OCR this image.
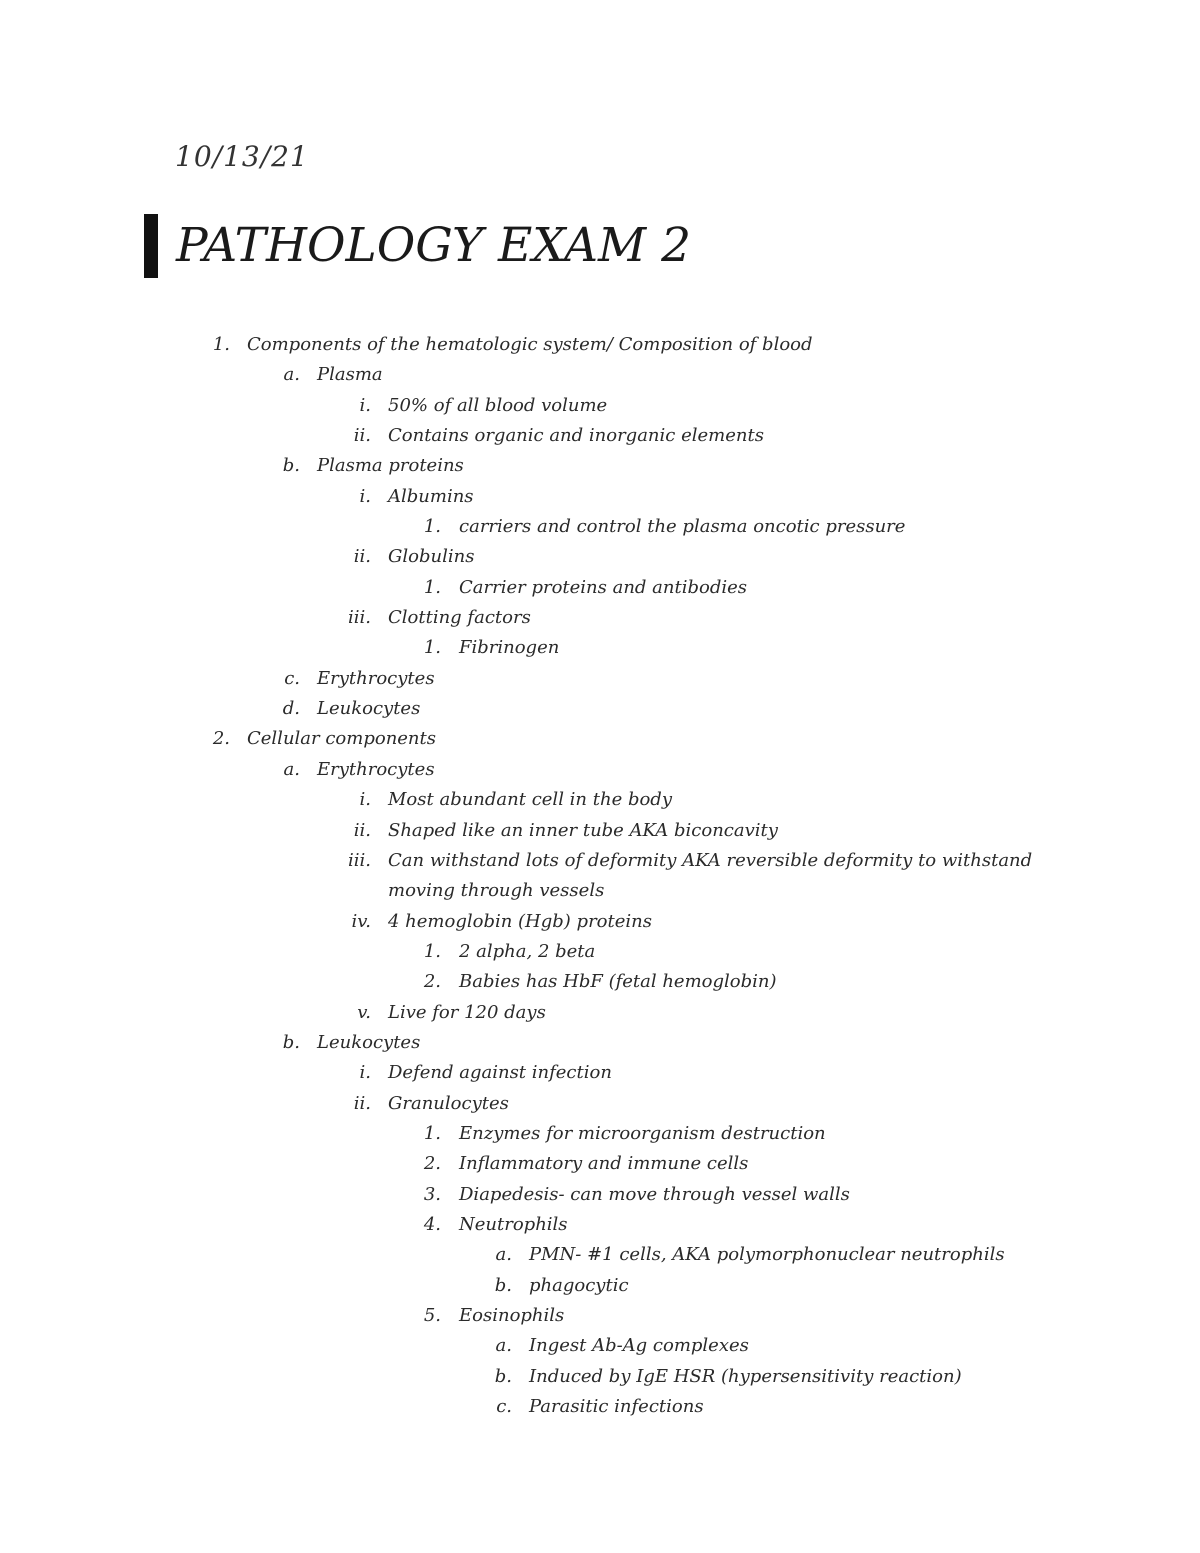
10/13/21
PATHOLOGY EXAM 2
1. Components of the hematologic system/ Composition of blood
a. Plasma
i. 50% of all blood volume
ii. Contains organic and inorganic elements
b. Plasma proteins
i. Albumins
1. carriers and control the plasma oncotic pressure
ii. Globulins
1. Carrier proteins and antibodies
iii. Clotting factors
1. Fibrinogen
c. Erythrocytes
d. Leukocytes
2. Cellular components
a. Erythrocytes
i. Most abundant cell in the body
ii. Shaped like an inner tube AKA biconcavity
iii. Can withstand lots of deformity AKA reversible deformity to withstand
moving through vessels
iv. 4 hemoglobin (Hgb) proteins
1. 2 alpha, 2 beta
2. Babies has HbF (fetal hemoglobin)
v. Live for 120 days
b. Leukocytes
i. Defend against infection
ii. Granulocytes
1. Enzymes for microorganism destruction
2. Inflammatory and immune cells
3. Diapedesis- can move through vessel walls
4. Neutrophils
a. PMN- #1 cells, AKA polymorphonuclear neutrophils
b. phagocytic
5. Eosinophils
a. Ingest Ab-Ag complexes
b. Induced by IgE HSR (hypersensitivity reaction)
c. Parasitic infections
